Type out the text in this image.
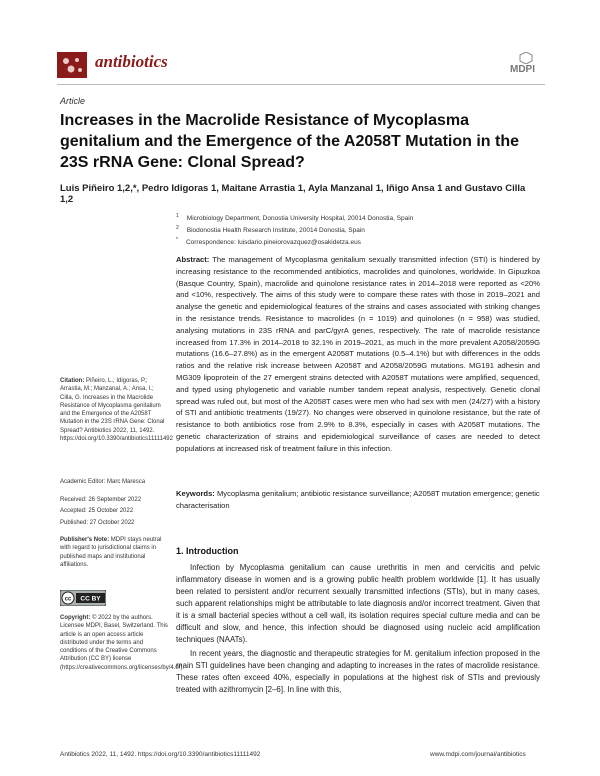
antibiotics	MDPI
Article
Increases in the Macrolide Resistance of Mycoplasma genitalium and the Emergence of the A2058T Mutation in the 23S rRNA Gene: Clonal Spread?
Luis Piñeiro 1,2,*, Pedro Idigoras 1, Maitane Arrastia 1, Ayla Manzanal 1, Iñigo Ansa 1 and Gustavo Cilla 1,2
$^1$ Microbiology Department, Donostia University Hospital, 20014 Donostia, Spain
$^2$ Biodonostia Health Research Institute, 20014 Donostia, Spain
* Correspondence: luisdario.pineiorovazquez@osakidetza.eus
Abstract: The management of Mycoplasma genitalium sexually transmitted infection (STI) is hindered by increasing resistance to the recommended antibiotics, macrolides and quinolones, worldwide. In Gipuzkoa (Basque Country, Spain), macrolide and quinolone resistance rates in 2014–2018 were reported as <20% and <10%, respectively. The aims of this study were to compare these rates with those in 2019–2021 and analyse the genetic and epidemiological features of the strains and cases associated with striking changes in the resistance trends. Resistance to macrolides (n = 1019) and quinolones (n = 958) was studied, analysing mutations in 23S rRNA and parC/gyrA genes, respectively. The rate of macrolide resistance increased from 17.3% in 2014–2018 to 32.1% in 2019–2021, as much in the more prevalent A2058/2059G mutations (16.6–27.8%) as in the emergent A2058T mutations (0.5–4.1%) but with differences in the odds ratios and the relative risk increase between A2058T and A2058/2059G mutations. MG191 adhesin and MG309 lipoprotein of the 27 emergent strains detected with A2058T mutations were amplified, sequenced, and typed using phylogenetic and variable number tandem repeat analysis, respectively. Genetic clonal spread was ruled out, but most of the A2058T cases were men who had sex with men (24/27) with a history of STI and antibiotic treatments (19/27). No changes were observed in quinolone resistance, but the rate of resistance to both antibiotics rose from 2.9% to 8.3%, especially in cases with A2058T mutations. The genetic characterization of strains and epidemiological surveillance of cases are needed to detect populations at increased risk of treatment failure in this infection.
Keywords: Mycoplasma genitalium; antibiotic resistance surveillance; A2058T mutation emergence; genetic characterisation
Citation: Piñeiro, L.; Idigoras, P.; Arrastia, M.; Manzanal, A.; Ansa, I.; Cilla, G. Increases in the Macrolide Resistance of Mycoplasma genitalium and the Emergence of the A2058T Mutation in the 23S rRNA Gene: Clonal Spread? Antibiotics 2022, 11, 1492. https://doi.org/10.3390/antibiotics11111492
Academic Editor: Marc Maresca
Received: 26 September 2022
Accepted: 25 October 2022
Published: 27 October 2022
Publisher's Note: MDPI stays neutral with regard to jurisdictional claims in published maps and institutional affiliations.
cc CC BY
Copyright: © 2022 by the authors. Licensee MDPI, Basel, Switzerland. This article is an open access article distributed under the terms and conditions of the Creative Commons Attribution (CC BY) license (https://creativecommons.org/licenses/by/4.0/).
1. Introduction

Infection by Mycoplasma genitalium can cause urethritis in men and cervicitis and pelvic inflammatory disease in women and is a growing public health problem worldwide [1]. It has usually been related to persistent and/or recurrent sexually transmitted infections (STIs), but in many cases, such apparent relationships might be attributable to late diagnosis and/or incorrect treatment. Given that it is a small bacterial species without a cell wall, its isolation requires special culture media and can be difficult and slow, and hence, this infection should be diagnosed using nucleic acid amplification techniques (NAATs).

In recent years, the diagnostic and therapeutic strategies for M. genitalium infection proposed in the main STI guidelines have been changing and adapting to increases in the rates of macrolide resistance. These rates often exceed 40%, especially in populations at the highest risk of STIs and previously treated with azithromycin [2–6]. In line with this,

Antibiotics 2022, 11, 1492. https://doi.org/10.3390/antibiotics11111492	www.mdpi.com/journal/antibiotics
